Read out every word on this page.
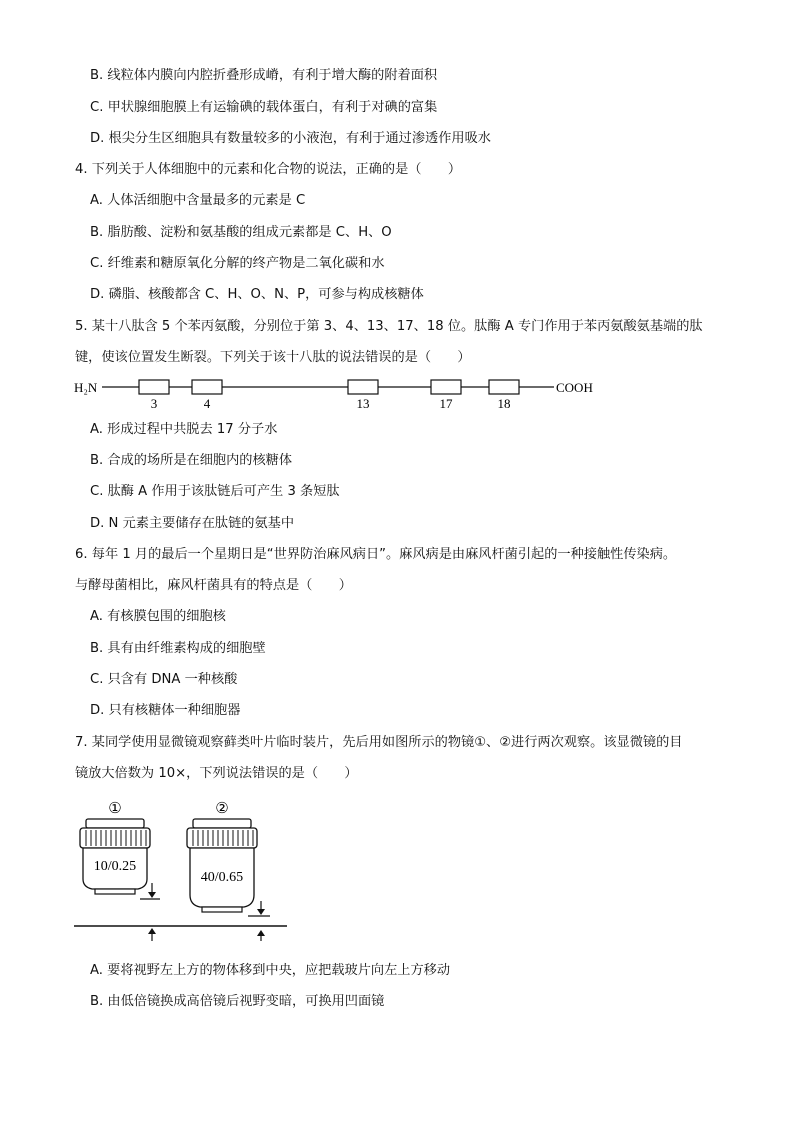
B. 线粒体内膜向内腔折叠形成嵴，有利于增大酶的附着面积
C. 甲状腺细胞膜上有运输碘的载体蛋白，有利于对碘的富集
D. 根尖分生区细胞具有数量较多的小液泡，有利于通过渗透作用吸水
4. 下列关于人体细胞中的元素和化合物的说法，正确的是（　　）
A. 人体活细胞中含量最多的元素是 C
B. 脂肪酸、淀粉和氨基酸的组成元素都是 C、H、O
C. 纤维素和糖原氧化分解的终产物是二氧化碳和水
D. 磷脂、核酸都含 C、H、O、N、P，可参与构成核糖体
5. 某十八肽含 5 个苯丙氨酸，分别位于第 3、4、13、17、18 位。肽酶 A 专门作用于苯丙氨酸氨基端的肽
键，使该位置发生断裂。下列关于该十八肽的说法错误的是（　　）
H₂N
3	4	13	17	18
COOH
A. 形成过程中共脱去 17 分子水
B. 合成的场所是在细胞内的核糖体
C. 肽酶 A 作用于该肽链后可产生 3 条短肽
D. N 元素主要储存在肽链的氨基中
6. 每年 1 月的最后一个星期日是“世界防治麻风病日”。麻风病是由麻风杆菌引起的一种接触性传染病。
与酵母菌相比，麻风杆菌具有的特点是（　　）
A. 有核膜包围的细胞核
B. 具有由纤维素构成的细胞壁
C. 只含有 DNA 一种核酸
D. 只有核糖体一种细胞器
7. 某同学使用显微镜观察藓类叶片临时装片，先后用如图所示的物镜①、②进行两次观察。该显微镜的目
镜放大倍数为 10×，下列说法错误的是（　　）
①
10/0.25
②
40/0.65
A. 要将视野左上方的物体移到中央，应把载玻片向左上方移动
B. 由低倍镜换成高倍镜后视野变暗，可换用凹面镜
